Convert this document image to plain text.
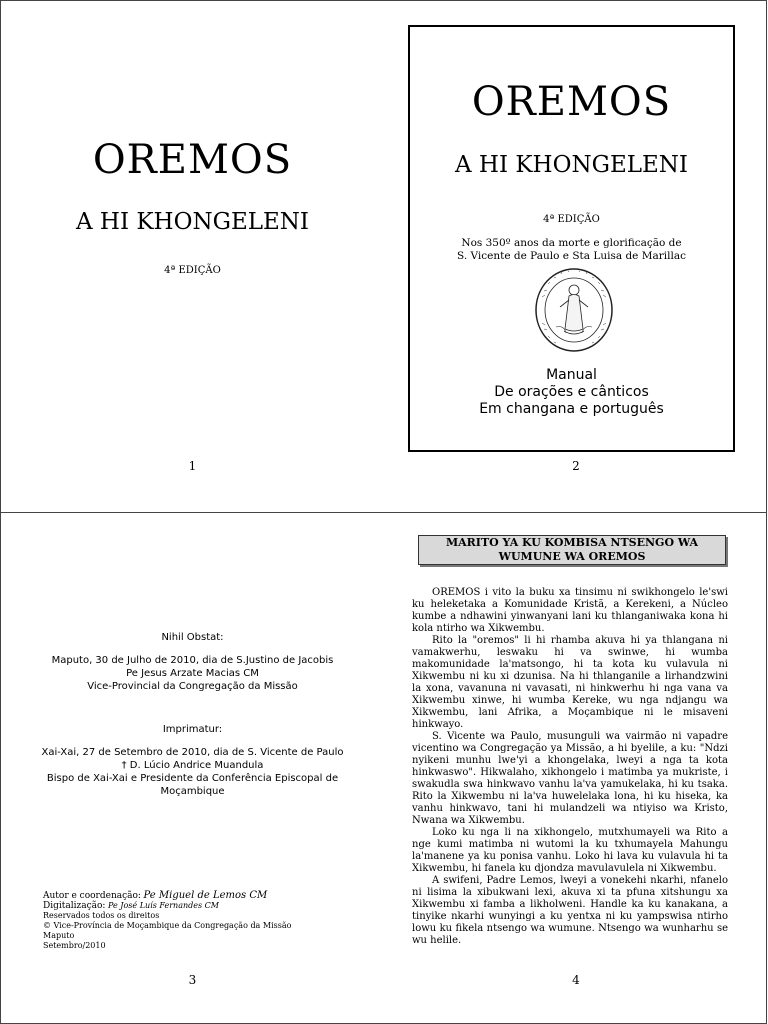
OREMOS
A HI KHONGELENI
4ª EDIÇÃO
1
OREMOS
A HI KHONGELENI
4ª EDIÇÃO
Nos 350º anos da morte e glorificação de
S. Vicente de Paulo e Sta Luisa de Marillac
Manual
De orações e cânticos
Em changana e português
2
Nihil Obstat:
Maputo, 30 de Julho de 2010, dia de S.Justino de Jacobis
Pe Jesus Arzate Macias CM
Vice-Provincial da Congregação da Missão
Imprimatur:
Xai-Xai, 27 de Setembro de 2010, dia de S. Vicente de Paulo
† D. Lúcio Andrice Muandula
Bispo de Xai-Xai e Presidente da Conferência Episcopal de
Moçambique
Autor e coordenação: Pe Miguel de Lemos CM
Digitalização: Pe José Luís Fernandes CM
Reservados todos os direitos
© Vice-Província de Moçambique da Congregação da Missão
Maputo
Setembro/2010
3
MARITO YA KU KOMBISA NTSENGO WA
WUMUNE WA OREMOS

OREMOS i vito la buku xa tinsimu ni swikhongelo le'swi ku heleketaka a Komunidade Kristã, a Kerekeni, a Núcleo kumbe a ndhawini yinwanyani lani ku thlanganiwaka kona hi kola ntirho wa Xikwembu.

Rito la "oremos" li hi rhamba akuva hi ya thlangana ni vamakwerhu, leswaku hi va swinwe, hi wumba makomunidade la'matsongo, hi ta kota ku vulavula ni Xikwembu ni ku xi dzunisa. Na hi thlanganile a lirhandzwini la xona, vavanuna ni vavasati, ni hinkwerhu hi nga vana va Xikwembu xinwe, hi wumba Kereke, wu nga ndjangu wa Xikwembu, lani Afrika, a Moçambique ni le misaveni hinkwayo.

S. Vicente wa Paulo, musunguli wa vairmão ni vapadre vicentino wa Congregação ya Missão, a hi byelile, a ku: "Ndzi nyikeni munhu lwe'yi a khongelaka, lweyi a nga ta kota hinkwaswo". Hikwalaho, xikhongelo i matimba ya mukriste, i swakudla swa hinkwavo vanhu la'va yamukelaka, hi ku tsaka. Rito la Xikwembu ni la'va huwelelaka lona, hi ku hiseka, ka vanhu hinkwavo, tani hi mulandzeli wa ntiyiso wa Kristo, Nwana wa Xikwembu.

Loko ku nga li na xikhongelo, mutxhumayeli wa Rito a nge kumi matimba ni wutomi la ku txhumayela Mahungu la'manene ya ku ponisa vanhu. Loko hi lava ku vulavula hi ta Xikwembu, hi fanela ku djondza mavulavulela ni Xikwembu.

A swifeni, Padre Lemos, lweyi a vonekehi nkarhi, nfanelo ni lisima la xibukwani lexi, akuva xi ta pfuna xitshungu xa Xikwembu xi famba a likholweni. Handle ka ku kanakana, a tinyike nkarhi wunyingi a ku yentxa ni ku yampswisa ntirho lowu ku fikela ntsengo wa wumune. Ntsengo wa wunharhu se wu helile.

4
